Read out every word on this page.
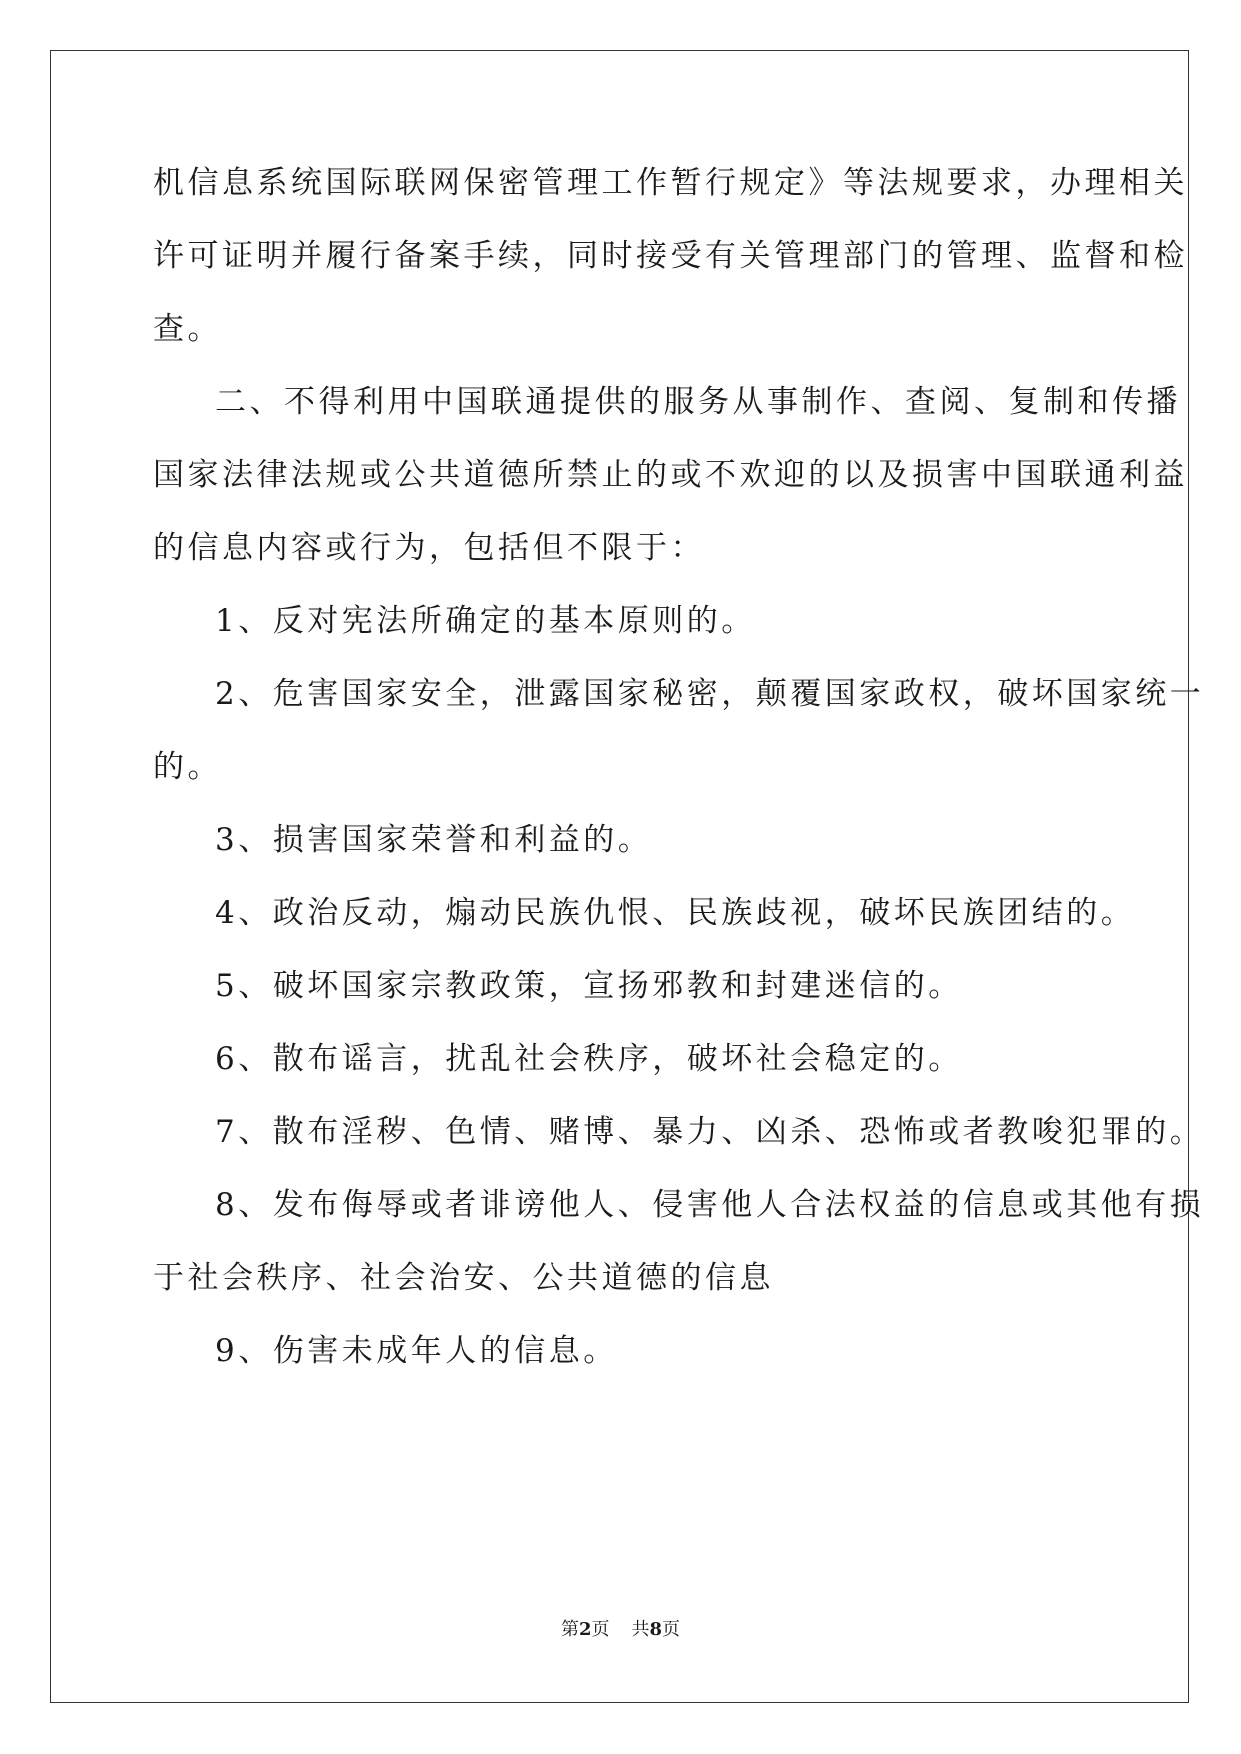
机信息系统国际联网保密管理工作暂行规定》等法规要求，办理相关
许可证明并履行备案手续，同时接受有关管理部门的管理、监督和检
查。
二、不得利用中国联通提供的服务从事制作、查阅、复制和传播
国家法律法规或公共道德所禁止的或不欢迎的以及损害中国联通利益
的信息内容或行为，包括但不限于：
1、反对宪法所确定的基本原则的。
2、危害国家安全，泄露国家秘密，颠覆国家政权，破坏国家统一
的。
3、损害国家荣誉和利益的。
4、政治反动，煽动民族仇恨、民族歧视，破坏民族团结的。
5、破坏国家宗教政策，宣扬邪教和封建迷信的。
6、散布谣言，扰乱社会秩序，破坏社会稳定的。
7、散布淫秽、色情、赌博、暴力、凶杀、恐怖或者教唆犯罪的。
8、发布侮辱或者诽谤他人、侵害他人合法权益的信息或其他有损
于社会秩序、社会治安、公共道德的信息
9、伤害未成年人的信息。
第2页 共8页
